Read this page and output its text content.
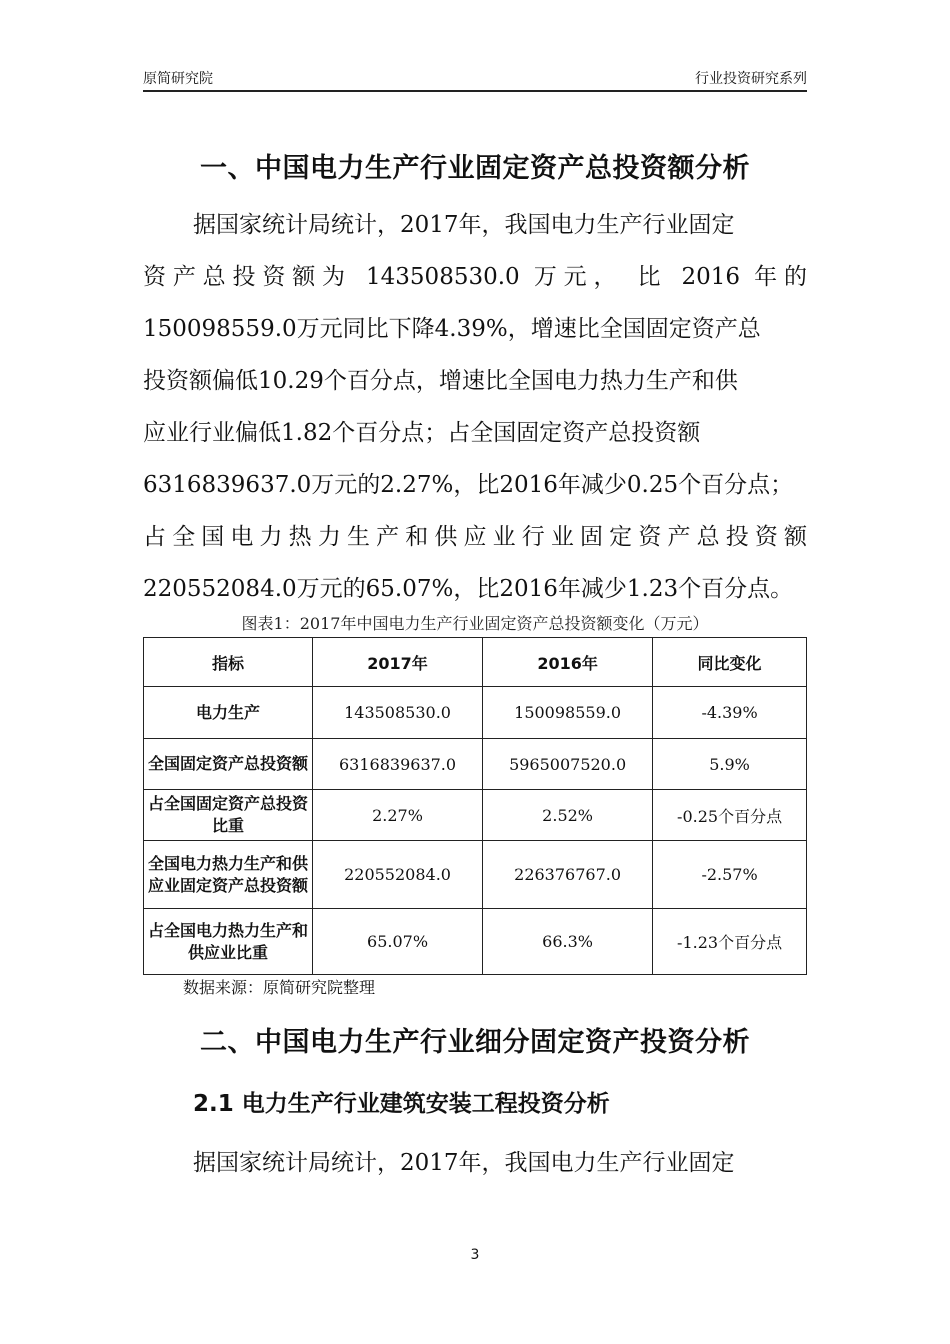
原简研究院	行业投资研究系列
一、中国电力生产行业固定资产总投资额分析
据国家统计局统计，2017年，我国电力生产行业固定
资产总投资额为 143508530.0 万元， 比 2016 年的
150098559.0万元同比下降4.39%，增速比全国固定资产总
投资额偏低10.29个百分点，增速比全国电力热力生产和供
应业行业偏低1.82个百分点；占全国固定资产总投资额
6316839637.0万元的2.27%，比2016年减少0.25个百分点；
占全国电力热力生产和供应业行业固定资产总投资额
220552084.0万元的65.07%，比2016年减少1.23个百分点。
图表1：2017年中国电力生产行业固定资产总投资额变化（万元）
指标	2017年	2016年	同比变化
电力生产	143508530.0	150098559.0	-4.39%
全国固定资产总投资额	6316839637.0	5965007520.0	5.9%
占全国固定资产总投资比重	2.27%	2.52%	-0.25个百分点
全国电力热力生产和供应业固定资产总投资额	220552084.0	226376767.0	-2.57%
占全国电力热力生产和供应业比重	65.07%	66.3%	-1.23个百分点
数据来源：原简研究院整理
二、中国电力生产行业细分固定资产投资分析
2.1 电力生产行业建筑安装工程投资分析
据国家统计局统计，2017年，我国电力生产行业固定
3
